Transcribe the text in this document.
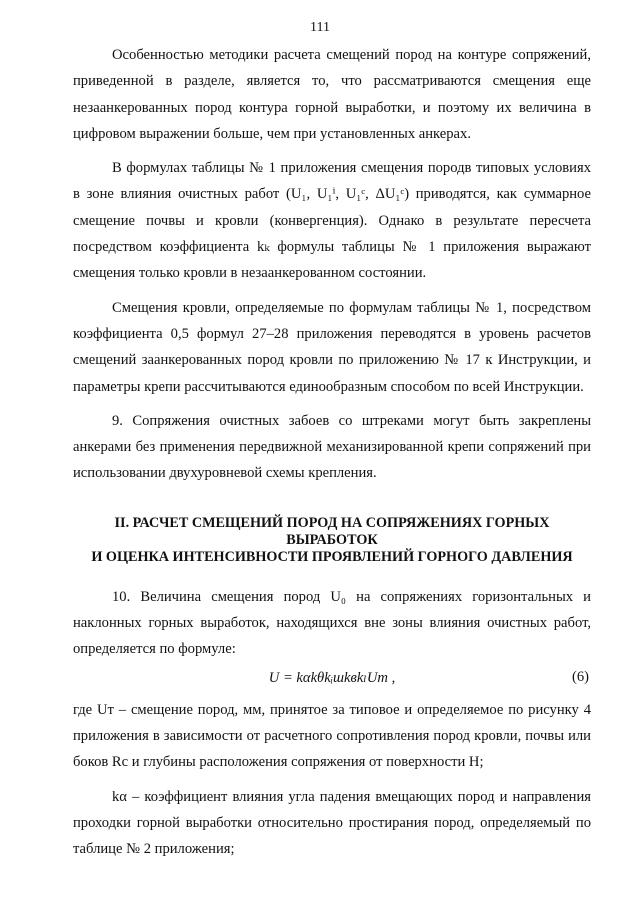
111

Особенностью методики расчета смещений пород на контуре сопряжений, приведенной в разделе, является то, что рассматриваются смещения еще незаанкерованных пород контура горной выработки, и поэтому их величина в цифровом выражении больше, чем при установленных анкерах.

В формулах таблицы № 1 приложения смещения породв типовых условиях в зоне влияния очистных работ (U₁, U₁ⁱ, U₁ᶜ, ΔU₁ᶜ) приводятся, как суммарное смещение почвы и кровли (конвергенция). Однако в результате пересчета посредством коэффициента kₖ формулы таблицы № 1 приложения выражают смещения только кровли в незаанкерованном состоянии.

Смещения кровли, определяемые по формулам таблицы № 1, посредством коэффициента 0,5 формул 27–28 приложения переводятся в уровень расчетов смещений заанкерованных пород кровли по приложению № 17 к Инструкции, и параметры крепи рассчитываются единообразным способом по всей Инструкции.

9. Сопряжения очистных забоев со штреками могут быть закреплены анкерами без применения передвижной механизированной крепи сопряжений при использовании двухуровневой схемы крепления.

II. РАСЧЕТ СМЕЩЕНИЙ ПОРОД НА СОПРЯЖЕНИЯХ ГОРНЫХ ВЫРАБОТОК
И ОЦЕНКА ИНТЕНСИВНОСТИ ПРОЯВЛЕНИЙ ГОРНОГО ДАВЛЕНИЯ

10. Величина смещения пород U₀ на сопряжениях горизонтальных и наклонных горных выработок, находящихся вне зоны влияния очистных работ, определяется по формуле:

U = kαkθkᵢшkвkₗUт ,	(6)

где Uт – смещение пород, мм, принятое за типовое и определяемое по рисунку 4 приложения в зависимости от расчетного сопротивления пород кровли, почвы или боков Rс и глубины расположения сопряжения от поверхности H;

kα – коэффициент влияния угла падения вмещающих пород и направления проходки горной выработки относительно простирания пород, определяемый по таблице № 2 приложения;
